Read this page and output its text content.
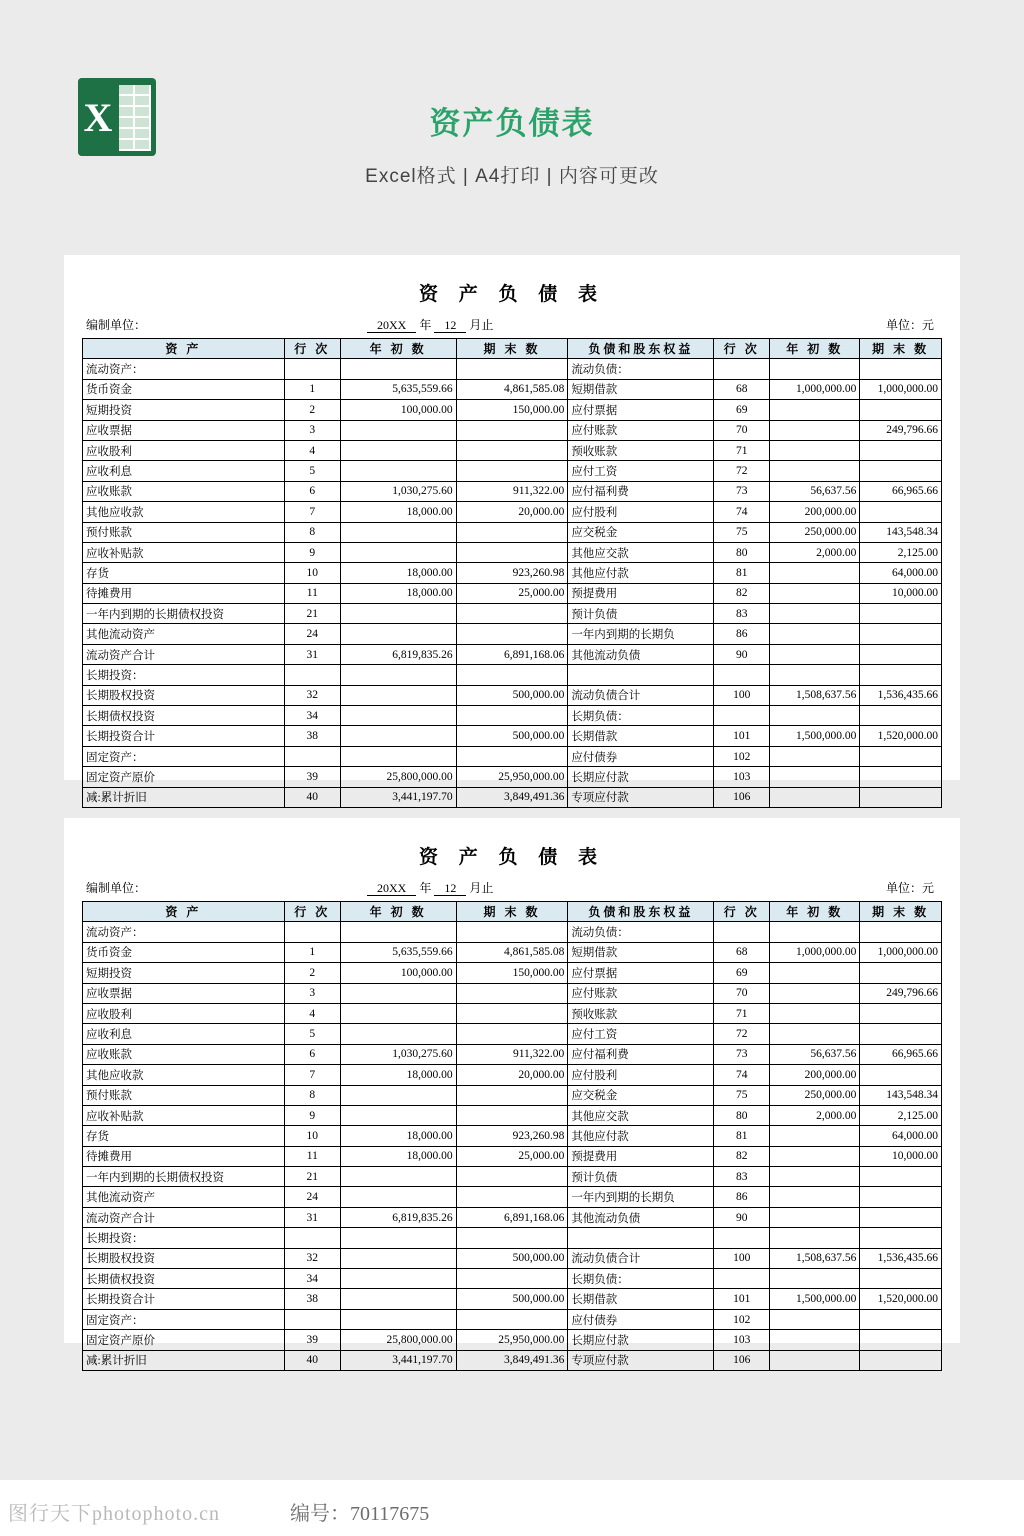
X	资产负债表
Excel格式 | A4打印 | 内容可更改
资 产 负 债 表
编制单位：	20XX 年 12 月止	单位：元
资 产	行 次	年 初 数	期 末 数	负债和股东权益	行 次	年 初 数	期 末 数
流动资产：				流动负债：			
货币资金	1	5,635,559.66	4,861,585.08	短期借款	68	1,000,000.00	1,000,000.00
短期投资	2	100,000.00	150,000.00	应付票据	69		
应收票据	3			应付账款	70		249,796.66
应收股利	4			预收账款	71		
应收利息	5			应付工资	72		
应收账款	6	1,030,275.60	911,322.00	应付福利费	73	56,637.56	66,965.66
其他应收款	7	18,000.00	20,000.00	应付股利	74	200,000.00	
预付账款	8			应交税金	75	250,000.00	143,548.34
应收补贴款	9			其他应交款	80	2,000.00	2,125.00
存货	10	18,000.00	923,260.98	其他应付款	81		64,000.00
待摊费用	11	18,000.00	25,000.00	预提费用	82		10,000.00
一年内到期的长期债权投资	21			预计负债	83		
其他流动资产	24			一年内到期的长期负	86		
流动资产合计	31	6,819,835.26	6,891,168.06	其他流动负债	90		
长期投资：							
长期股权投资	32		500,000.00	流动负债合计	100	1,508,637.56	1,536,435.66
长期债权投资	34			长期负债：			
长期投资合计	38		500,000.00	长期借款	101	1,500,000.00	1,520,000.00
固定资产：				应付债券	102		
固定资产原价	39	25,800,000.00	25,950,000.00	长期应付款	103		
减:累计折旧	40	3,441,197.70	3,849,491.36	专项应付款	106		
资 产 负 债 表
编制单位：	20XX 年 12 月止	单位：元
资 产	行 次	年 初 数	期 末 数	负债和股东权益	行 次	年 初 数	期 末 数
流动资产：				流动负债：			
货币资金	1	5,635,559.66	4,861,585.08	短期借款	68	1,000,000.00	1,000,000.00
短期投资	2	100,000.00	150,000.00	应付票据	69		
应收票据	3			应付账款	70		249,796.66
应收股利	4			预收账款	71		
应收利息	5			应付工资	72		
应收账款	6	1,030,275.60	911,322.00	应付福利费	73	56,637.56	66,965.66
其他应收款	7	18,000.00	20,000.00	应付股利	74	200,000.00	
预付账款	8			应交税金	75	250,000.00	143,548.34
应收补贴款	9			其他应交款	80	2,000.00	2,125.00
存货	10	18,000.00	923,260.98	其他应付款	81		64,000.00
待摊费用	11	18,000.00	25,000.00	预提费用	82		10,000.00
一年内到期的长期债权投资	21			预计负债	83		
其他流动资产	24			一年内到期的长期负	86		
流动资产合计	31	6,819,835.26	6,891,168.06	其他流动负债	90		
长期投资：							
长期股权投资	32		500,000.00	流动负债合计	100	1,508,637.56	1,536,435.66
长期债权投资	34			长期负债：			
长期投资合计	38		500,000.00	长期借款	101	1,500,000.00	1,520,000.00
固定资产：				应付债券	102		
固定资产原价	39	25,800,000.00	25,950,000.00	长期应付款	103		
减:累计折旧	40	3,441,197.70	3,849,491.36	专项应付款	106		
图行天下photophoto.cn	编号：70117675
